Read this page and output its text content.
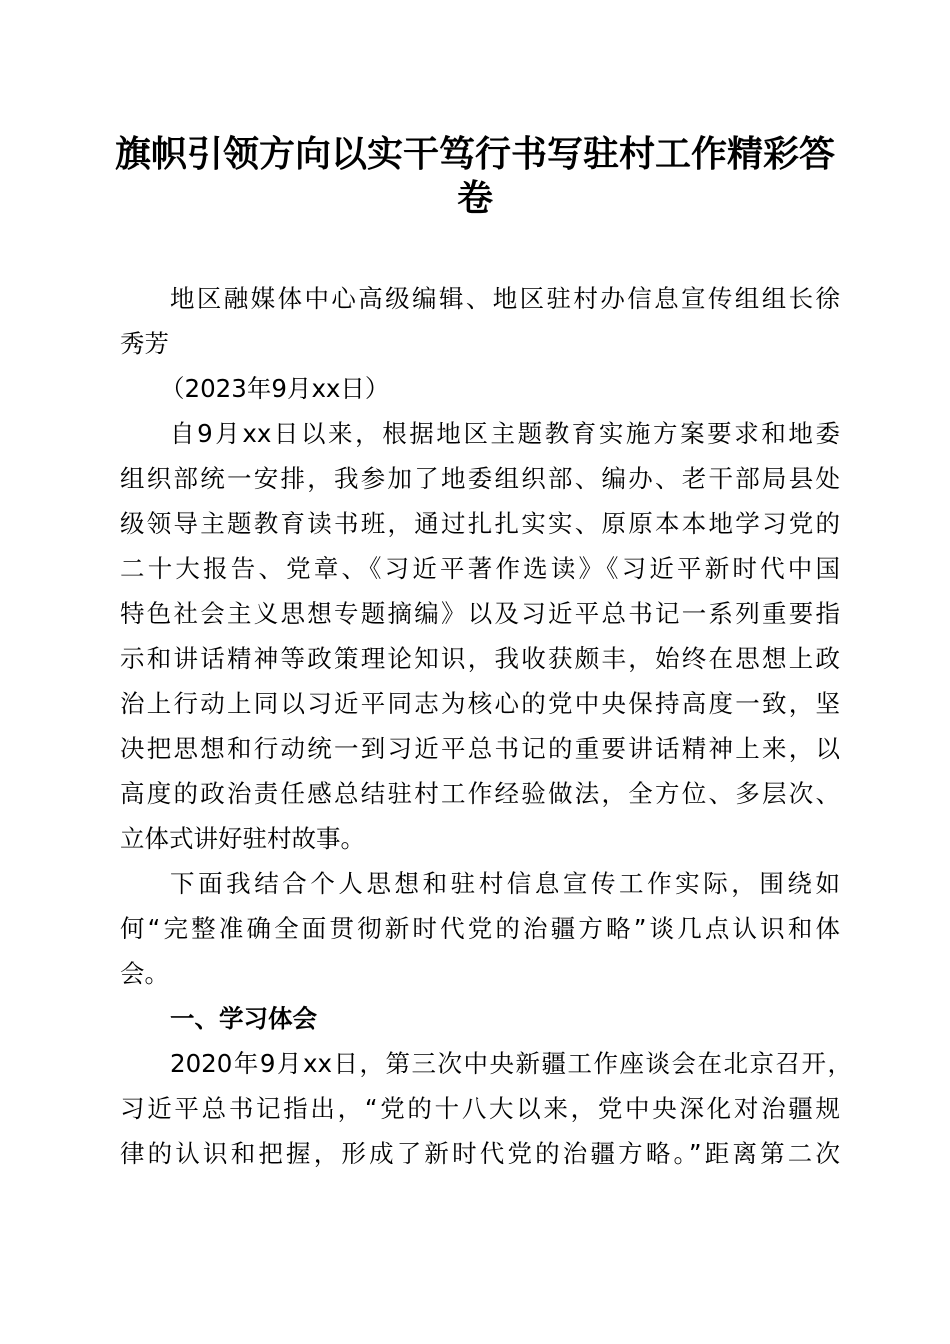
旗帜引领方向以实干笃行书写驻村工作精彩答
卷
地区融媒体中心高级编辑、地区驻村办信息宣传组组长徐
秀芳
（2023年9月xx日）
自9月xx日以来，根据地区主题教育实施方案要求和地委
组织部统一安排，我参加了地委组织部、编办、老干部局县处
级领导主题教育读书班，通过扎扎实实、原原本本地学习党的
二十大报告、党章、《习近平著作选读》《习近平新时代中国
特色社会主义思想专题摘编》以及习近平总书记一系列重要指
示和讲话精神等政策理论知识，我收获颇丰，始终在思想上政
治上行动上同以习近平同志为核心的党中央保持高度一致，坚
决把思想和行动统一到习近平总书记的重要讲话精神上来，以
高度的政治责任感总结驻村工作经验做法，全方位、多层次、
立体式讲好驻村故事。
下面我结合个人思想和驻村信息宣传工作实际，围绕如
何“完整准确全面贯彻新时代党的治疆方略”谈几点认识和体
会。
一、学习体会
2020年9月xx日，第三次中央新疆工作座谈会在北京召开，
习近平总书记指出，“党的十八大以来，党中央深化对治疆规
律的认识和把握，形成了新时代党的治疆方略。”距离第二次
